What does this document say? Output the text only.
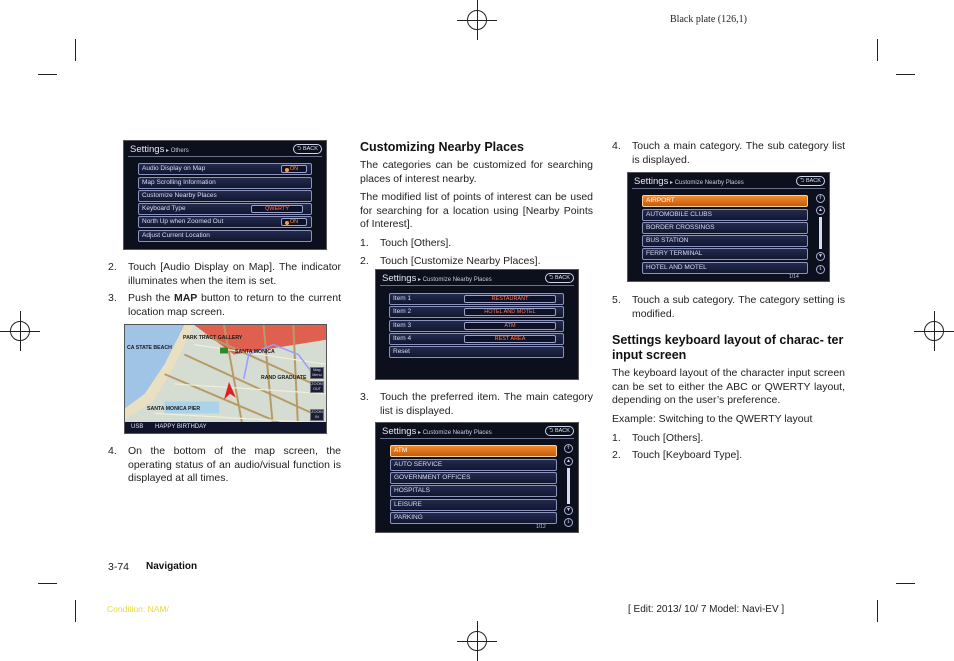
Black plate (126,1)
Settings ▸ Others	⮌ BACK
Audio Display on Map	ON
Map Scrolling Information
Customize Nearby Places
Keyboard Type	QWERTY
North Up when Zoomed Out	ON
Adjust Current Location
2. Touch [Audio Display on Map]. The indicator illuminates when the item is set.
3. Push the MAP button to return to the current location map screen.
CA STATE BEACH
PARK TRACT GALLERY
SANTA MONICA
RAND GRADUATE
SANTA MONICA PIER
Map Menu
ZOOM OUT
ZOOM IN
USB HAPPY BIRTHDAY
4. On the bottom of the map screen, the operating status of an audio/visual function is displayed at all times.
Customizing Nearby Places

The categories can be customized for searching places of interest nearby.

The modified list of points of interest can be used for searching for a location using [Nearby Points of Interest].

1. Touch [Others].
2. Touch [Customize Nearby Places].
Settings ▸ Customize Nearby Places	⮌ BACK
Item 1	RESTAURANT
Item 2	HOTEL AND MOTEL
Item 3	ATM
Item 4	REST AREA
Reset
3. Touch the preferred item. The main category list is displayed.
Settings ▸ Customize Nearby Places	⮌ BACK
ATM
AUTO SERVICE
GOVERNMENT OFFICES
HOSPITALS
LEISURE
PARKING
⇑
▲
▼
⇓
1/12
4. Touch a main category. The sub category list is displayed.
Settings ▸ Customize Nearby Places	⮌ BACK
AIRPORT
AUTOMOBILE CLUBS
BORDER CROSSINGS
BUS STATION
FERRY TERMINAL
HOTEL AND MOTEL
⇑
▲
▼
⇓
1/14
5. Touch a sub category. The category setting is modified.
Settings keyboard layout of charac- ter input screen

The keyboard layout of the character input screen can be set to either the ABC or QWERTY layout, depending on the user’s preference.

Example: Switching to the QWERTY layout

1. Touch [Others].
2. Touch [Keyboard Type].
3-74 Navigation
Condition: NAM/	[ Edit: 2013/ 10/ 7 Model: Navi-EV ]
